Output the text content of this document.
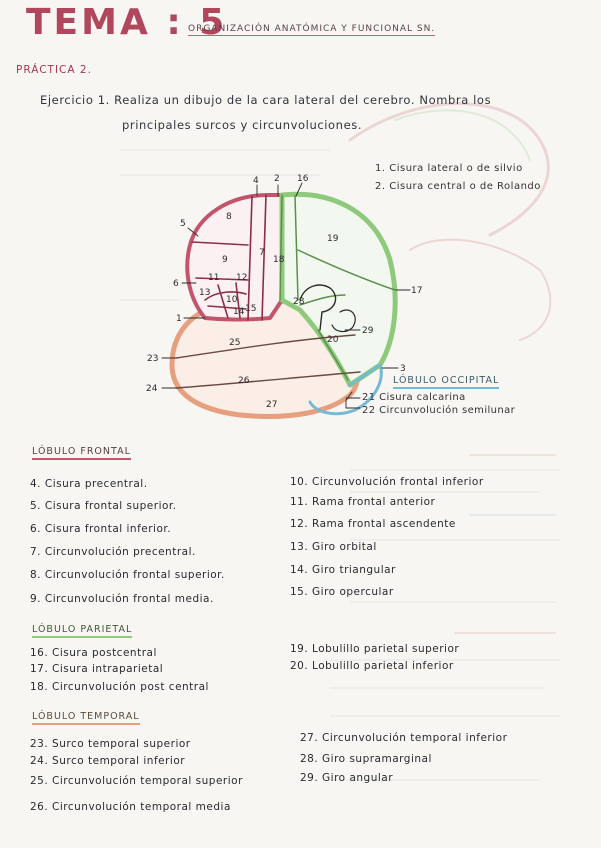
TEMA : 5
ORGANIZACIÓN ANATÓMICA Y FUNCIONAL SN.
PRÁCTICA 2.
Ejercicio 1. Realiza un dibujo de la cara lateral del cerebro. Nombra los
principales surcos y circunvoluciones.
1. Cisura lateral o de silvio
2. Cisura central o de Rolando
4 2 16
5
8
19
9
7
18
11 12
6
13
10
17
15
14
1
28
29
25	20
23
26
3
24
27
LÓBULO OCCIPITAL
21 Cisura calcarina
22 Circunvolución semilunar
LÓBULO FRONTAL
4. Cisura precentral.
5. Cisura frontal superior.
6. Cisura frontal inferior.
7. Circunvolución precentral.
8. Circunvolución frontal superior.
9. Circunvolución frontal media.
10. Circunvolución frontal inferior
11. Rama frontal anterior
12. Rama frontal ascendente
13. Giro orbital
14. Giro triangular
15. Giro opercular
LÓBULO PARIETAL
16. Cisura postcentral
17. Cisura intraparietal
18. Circunvolución post central
19. Lobulillo parietal superior
20. Lobulillo parietal inferior
LÓBULO TEMPORAL
23. Surco temporal superior
24. Surco temporal inferior
25. Circunvolución temporal superior
26. Circunvolución temporal media
27. Circunvolución temporal inferior
28. Giro supramarginal
29. Giro angular
